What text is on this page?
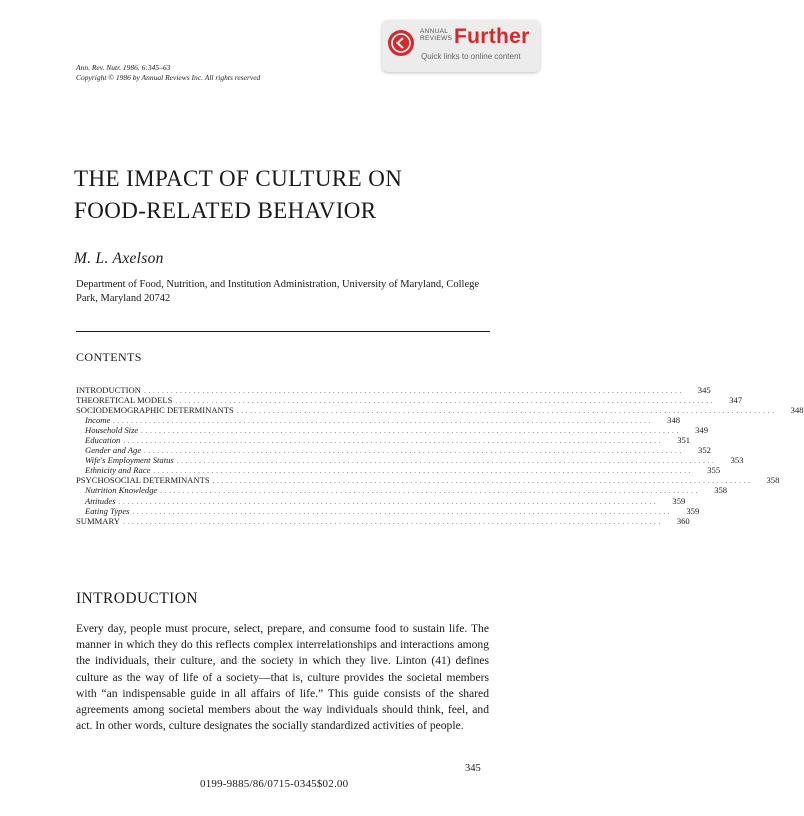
ANNUAL REVIEWS Further
Quick links to online content
Ann. Rev. Nutr. 1986. 6:345–63
Copyright © 1986 by Annual Reviews Inc. All rights reserved
THE IMPACT OF CULTURE ON
FOOD-RELATED BEHAVIOR
M. L. Axelson
Department of Food, Nutrition, and Institution Administration, University of Maryland, College Park, Maryland 20742
CONTENTS
INTRODUCTION . . . . . . . . . . . . . . . . . . . . . . . . . . . . . . . . . . . . . . . . . . . . . . . . . . . . . . . . . . . . . . . . . . . . . . . . . . . . . . . . . . . . . . . . . . . . . . . . . . . . . . . . . . . . . . . . . . . . . . . .	345
THEORETICAL MODELS . . . . . . . . . . . . . . . . . . . . . . . . . . . . . . . . . . . . . . . . . . . . . . . . . . . . . . . . . . . . . . . . . . . . . . . . . . . . . . . . . . . . . . . . . . . . . . . . . . . . . . . . . . . . . . . . . . . . . . . .	347
SOCIODEMOGRAPHIC DETERMINANTS . . . . . . . . . . . . . . . . . . . . . . . . . . . . . . . . . . . . . . . . . . . . . . . . . . . . . . . . . . . . . . . . . . . . . . . . . . . . . . . . . . . . . . . . . . . . . . . . . . . . . . . . . . . . . . . . . . . . . . . .	348
Income . . . . . . . . . . . . . . . . . . . . . . . . . . . . . . . . . . . . . . . . . . . . . . . . . . . . . . . . . . . . . . . . . . . . . . . . . . . . . . . . . . . . . . . . . . . . . . . . . . . . . . . . . . . . . . . . . . . . . . . .	348
Household Size . . . . . . . . . . . . . . . . . . . . . . . . . . . . . . . . . . . . . . . . . . . . . . . . . . . . . . . . . . . . . . . . . . . . . . . . . . . . . . . . . . . . . . . . . . . . . . . . . . . . . . . . . . . . . . . . . . . . . . . .	349
Education . . . . . . . . . . . . . . . . . . . . . . . . . . . . . . . . . . . . . . . . . . . . . . . . . . . . . . . . . . . . . . . . . . . . . . . . . . . . . . . . . . . . . . . . . . . . . . . . . . . . . . . . . . . . . . . . . . . . . . . .	351
Gender and Age . . . . . . . . . . . . . . . . . . . . . . . . . . . . . . . . . . . . . . . . . . . . . . . . . . . . . . . . . . . . . . . . . . . . . . . . . . . . . . . . . . . . . . . . . . . . . . . . . . . . . . . . . . . . . . . . . . . . . . . .	352
Wife's Employment Status . . . . . . . . . . . . . . . . . . . . . . . . . . . . . . . . . . . . . . . . . . . . . . . . . . . . . . . . . . . . . . . . . . . . . . . . . . . . . . . . . . . . . . . . . . . . . . . . . . . . . . . . . . . . . . . . . . . . . . . .	353
Ethnicity and Race . . . . . . . . . . . . . . . . . . . . . . . . . . . . . . . . . . . . . . . . . . . . . . . . . . . . . . . . . . . . . . . . . . . . . . . . . . . . . . . . . . . . . . . . . . . . . . . . . . . . . . . . . . . . . . . . . . . . . . . .	355
PSYCHOSOCIAL DETERMINANTS . . . . . . . . . . . . . . . . . . . . . . . . . . . . . . . . . . . . . . . . . . . . . . . . . . . . . . . . . . . . . . . . . . . . . . . . . . . . . . . . . . . . . . . . . . . . . . . . . . . . . . . . . . . . . . . . . . . . . . . .	358
Nutrition Knowledge . . . . . . . . . . . . . . . . . . . . . . . . . . . . . . . . . . . . . . . . . . . . . . . . . . . . . . . . . . . . . . . . . . . . . . . . . . . . . . . . . . . . . . . . . . . . . . . . . . . . . . . . . . . . . . . . . . . . . . . .	358
Attitudes . . . . . . . . . . . . . . . . . . . . . . . . . . . . . . . . . . . . . . . . . . . . . . . . . . . . . . . . . . . . . . . . . . . . . . . . . . . . . . . . . . . . . . . . . . . . . . . . . . . . . . . . . . . . . . . . . . . . . . . .	359
Eating Types . . . . . . . . . . . . . . . . . . . . . . . . . . . . . . . . . . . . . . . . . . . . . . . . . . . . . . . . . . . . . . . . . . . . . . . . . . . . . . . . . . . . . . . . . . . . . . . . . . . . . . . . . . . . . . . . . . . . . . . .	359
SUMMARY . . . . . . . . . . . . . . . . . . . . . . . . . . . . . . . . . . . . . . . . . . . . . . . . . . . . . . . . . . . . . . . . . . . . . . . . . . . . . . . . . . . . . . . . . . . . . . . . . . . . . . . . . . . . . . . . . . . . . . . .	360
INTRODUCTION
Every day, people must procure, select, prepare, and consume food to sustain life. The manner in which they do this reflects complex interrelationships and interactions among the individuals, their culture, and the society in which they live. Linton (41) defines culture as the way of life of a society—that is, culture provides the societal members with “an indispensable guide in all affairs of life.” This guide consists of the shared agreements among societal members about the way individuals should think, feel, and act. In other words, culture designates the socially standardized activities of people.
345
0199-9885/86/0715-0345$02.00
